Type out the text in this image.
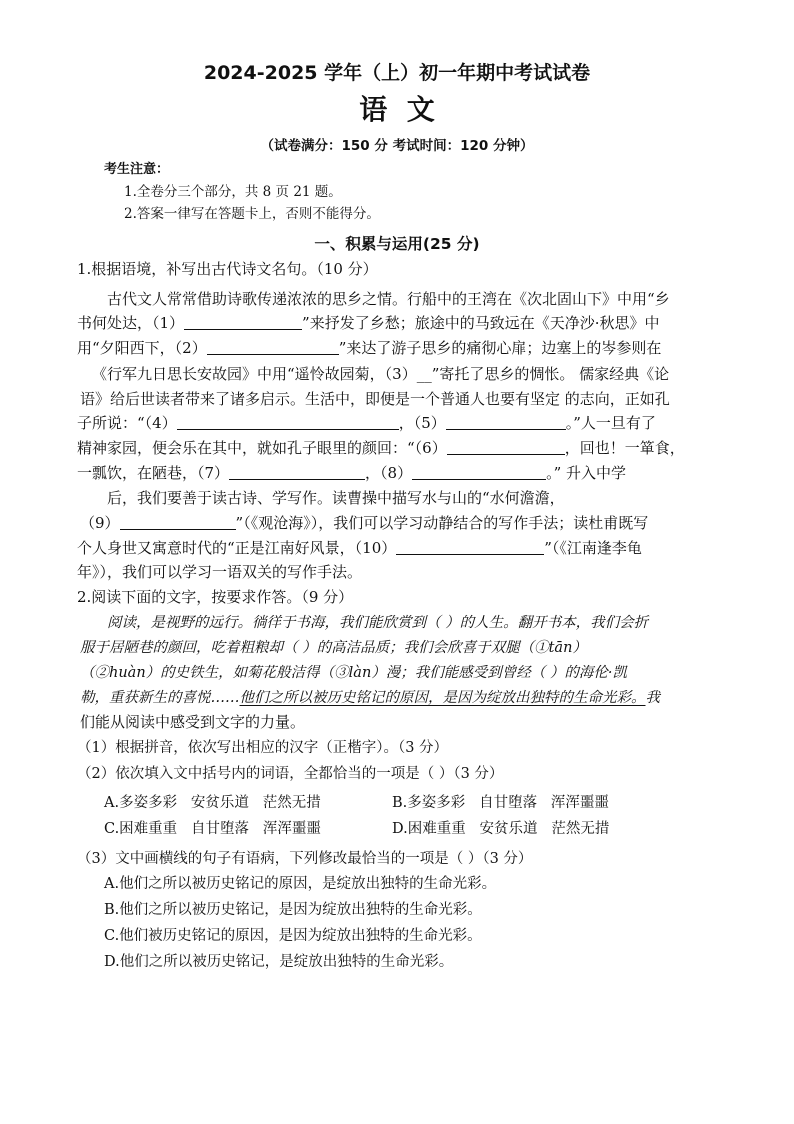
2024-2025 学年（上）初一年期中考试试卷
语  文
（试卷满分：150 分 考试时间：120 分钟）
考生注意：
1.全卷分三个部分，共 8 页 21 题。
2.答案一律写在答题卡上，否则不能得分。
一、积累与运用(25 分)
1.根据语境，补写出古代诗文名句。（10 分）
古代文人常常借助诗歌传递浓浓的思乡之情。行船中的王湾在《次北固山下》中用“乡
书何处达，（1）	”来抒发了乡愁；旅途中的马致远在《天净沙·秋思》中
用“夕阳西下，（2）	”来达了游子思乡的痛彻心扉；边塞上的岑参则在
《行军九日思长安故园》中用“遥怜故园菊，（3）__”寄托了思乡的惆怅。 儒家经典《论
语》给后世读者带来了诸多启示。生活中，即便是一个普通人也要有坚定 的志向，正如孔
子所说：“（4）	，（5）	。”人一旦有了
精神家园，便会乐在其中，就如孔子眼里的颜回：“（6）	，回也！一箪食，
一瓢饮，在陋巷，（7）	，（8）	。” 升入中学
后，我们要善于读古诗、学写作。读曹操中描写水与山的“水何澹澹，
（9）	”（《观沧海》），我们可以学习动静结合的写作手法；读杜甫既写
个人身世又寓意时代的“正是江南好风景，（10）	”（《江南逢李龟
年》），我们可以学习一语双关的写作手法。
2.阅读下面的文字，按要求作答。（9 分）
阅读，是视野的远行。徜徉于书海，我们能欣赏到（ ）的人生。翻开书本，我们会折
服于居陋巷的颜回，吃着粗粮却（ ）的高洁品质；我们会欣喜于双腿（①tān）
（②huàn）的史铁生，如菊花般洁得（③làn）漫；我们能感受到曾经（ ）的海伦·凯
勒，重获新生的喜悦……他们之所以被历史铭记的原因，是因为绽放出独特的生命光彩。我
们能从阅读中感受到文字的力量。
（1）根据拼音，依次写出相应的汉字（正楷字）。（3 分）
（2）依次填入文中括号内的词语，全都恰当的一项是（ ）（3 分）
A.多姿多彩   安贫乐道   茫然无措	B.多姿多彩   自甘堕落   浑浑噩噩
C.困难重重   自甘堕落   浑浑噩噩	D.困难重重   安贫乐道   茫然无措
（3）文中画横线的句子有语病，下列修改最恰当的一项是（ ）（3 分）
A.他们之所以被历史铭记的原因，是绽放出独特的生命光彩。
B.他们之所以被历史铭记，是因为绽放出独特的生命光彩。
C.他们被历史铭记的原因，是因为绽放出独特的生命光彩。
D.他们之所以被历史铭记，是绽放出独特的生命光彩。
